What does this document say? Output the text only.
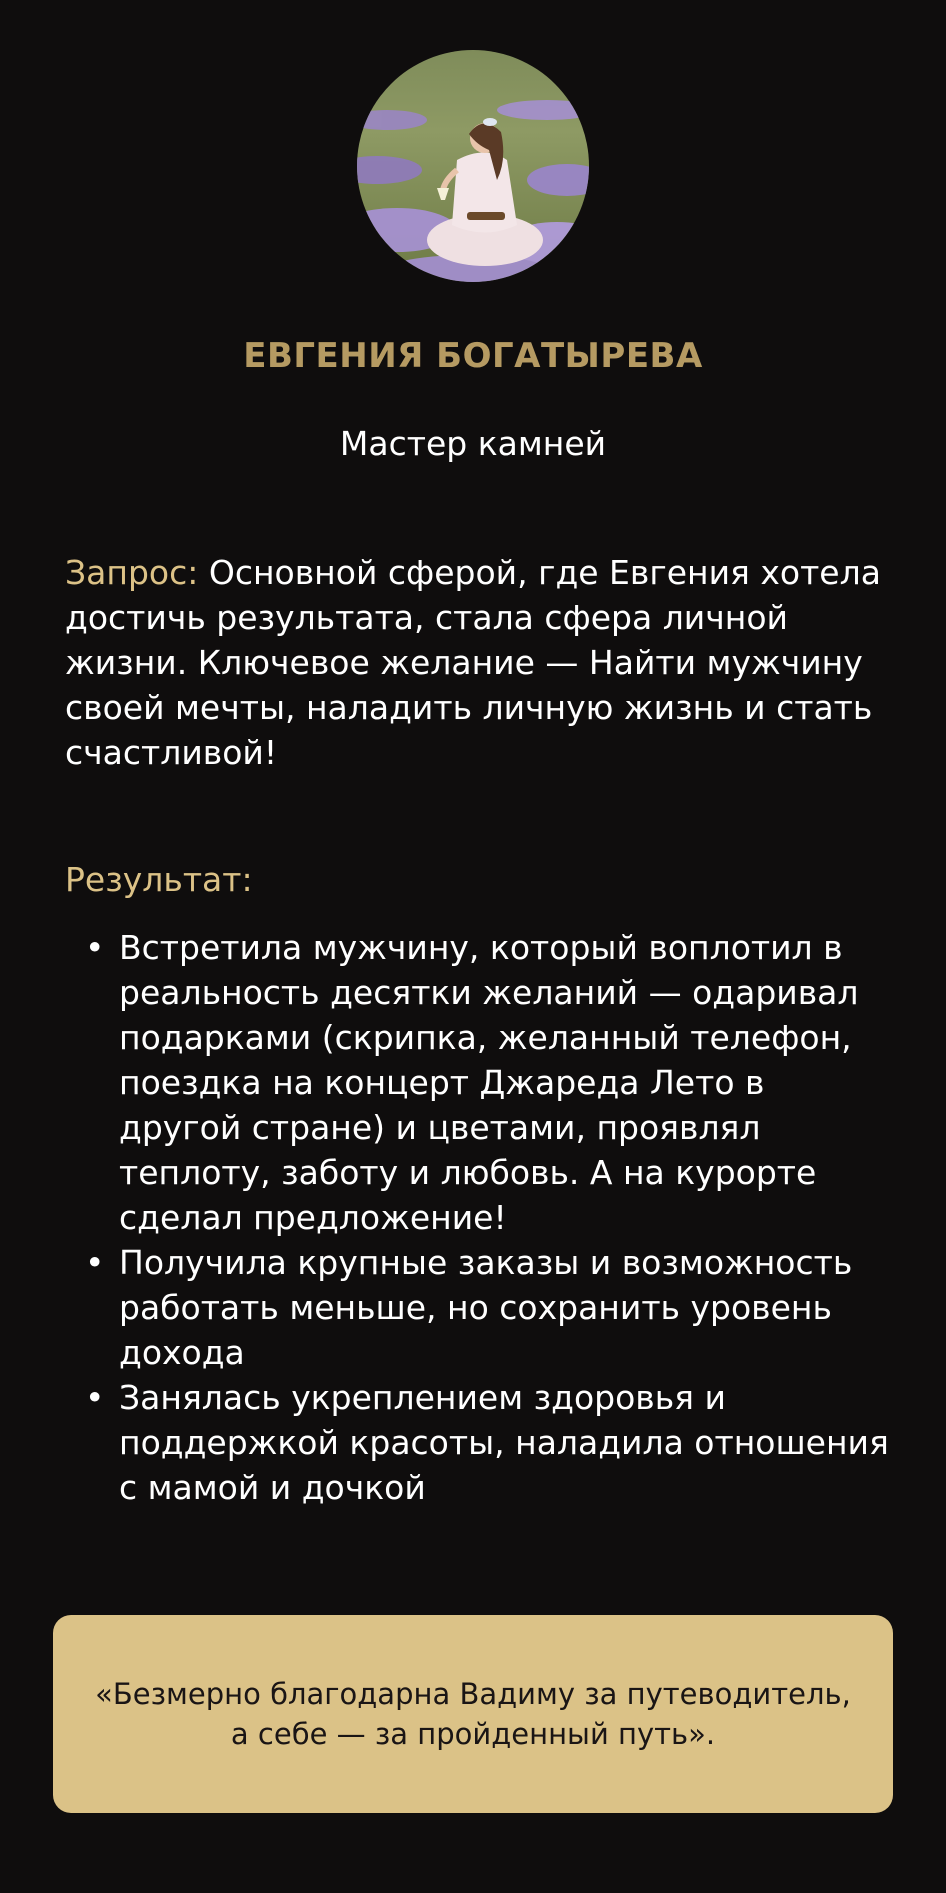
ЕВГЕНИЯ БОГАТЫРЕВА
Мастер камней
Запрос: Основной сферой, где Евгения хотела достичь результата, стала сфера личной жизни. Ключевое желание — Найти мужчину своей мечты, наладить личную жизнь и стать счастливой!
Результат:
• Встретила мужчину, который воплотил в реальность десятки желаний — одаривал подарками (скрипка, желанный телефон, поездка на концерт Джареда Лето в другой стране) и цветами, проявлял теплоту, заботу и любовь. А на курорте сделал предложение!
• Получила крупные заказы и возможность работать меньше, но сохранить уровень дохода
• Занялась укреплением здоровья и поддержкой красоты, наладила отношения с мамой и дочкой
«Безмерно благодарна Вадиму за путеводитель, а себе — за пройденный путь».
